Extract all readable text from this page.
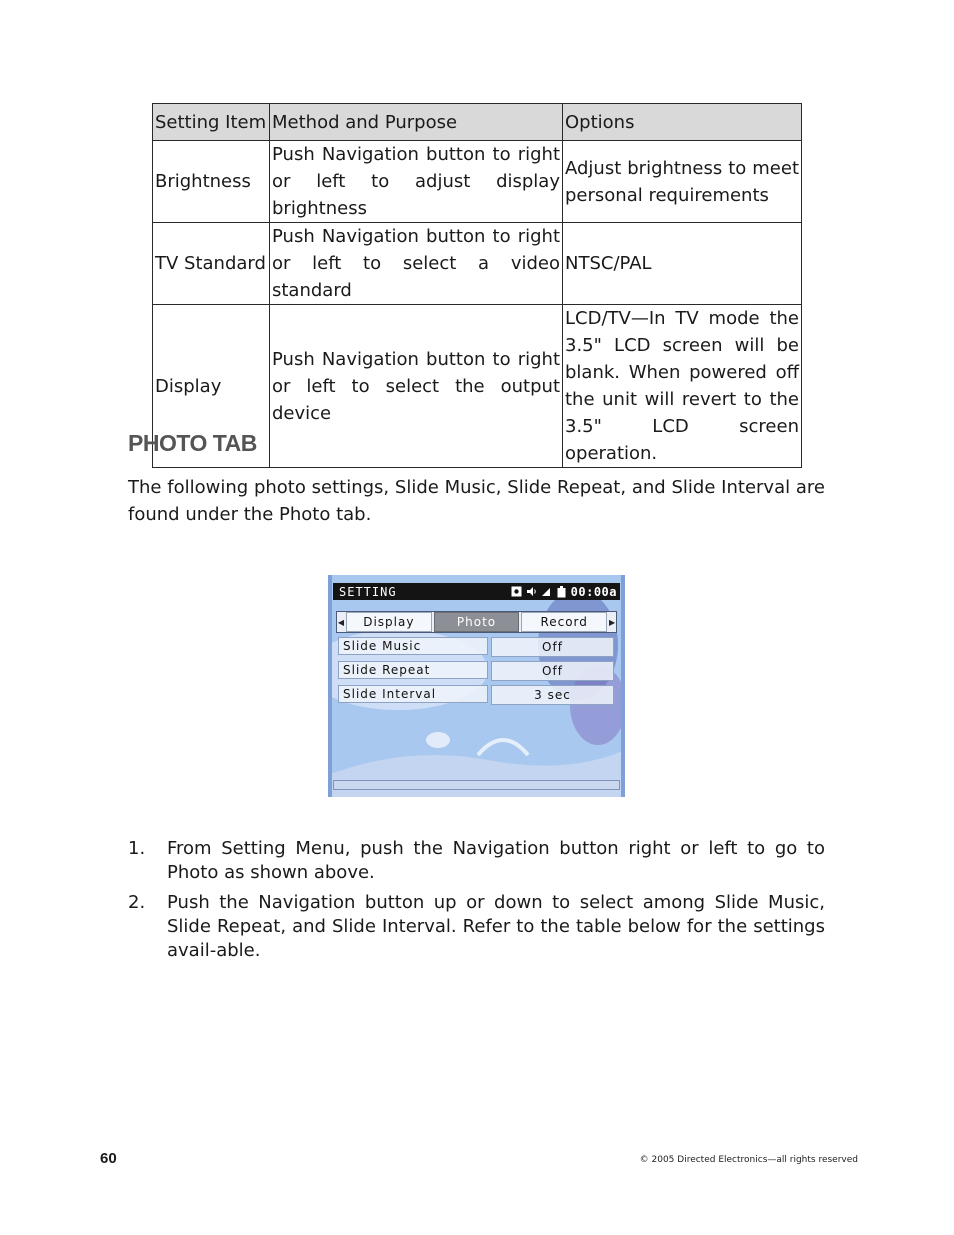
Setting Item	Method and Purpose	Options
Brightness	Push Navigation button to right or left to adjust display brightness	Adjust brightness to meet personal requirements
TV Standard	Push Navigation button to right or left to select a video standard	NTSC/PAL
Display	Push Navigation button to right or left to select the output device	LCD/TV—In TV mode the 3.5" LCD screen will be blank. When powered off the unit will revert to the 3.5" LCD screen operation.
PHOTO TAB

The following photo settings, Slide Music, Slide Repeat, and Slide Interval are found under the Photo tab.

SETTING	00:00a
◀	Display	Photo	Record	▶
Slide Music	Off
Slide Repeat	Off
Slide Interval	3 sec
1.	From Setting Menu, push the Navigation button right or left to go to Photo as shown above.
2.	Push the Navigation button up or down to select among Slide Music, Slide Repeat, and Slide Interval. Refer to the table below for the settings avail-able.
60	© 2005 Directed Electronics—all rights reserved
